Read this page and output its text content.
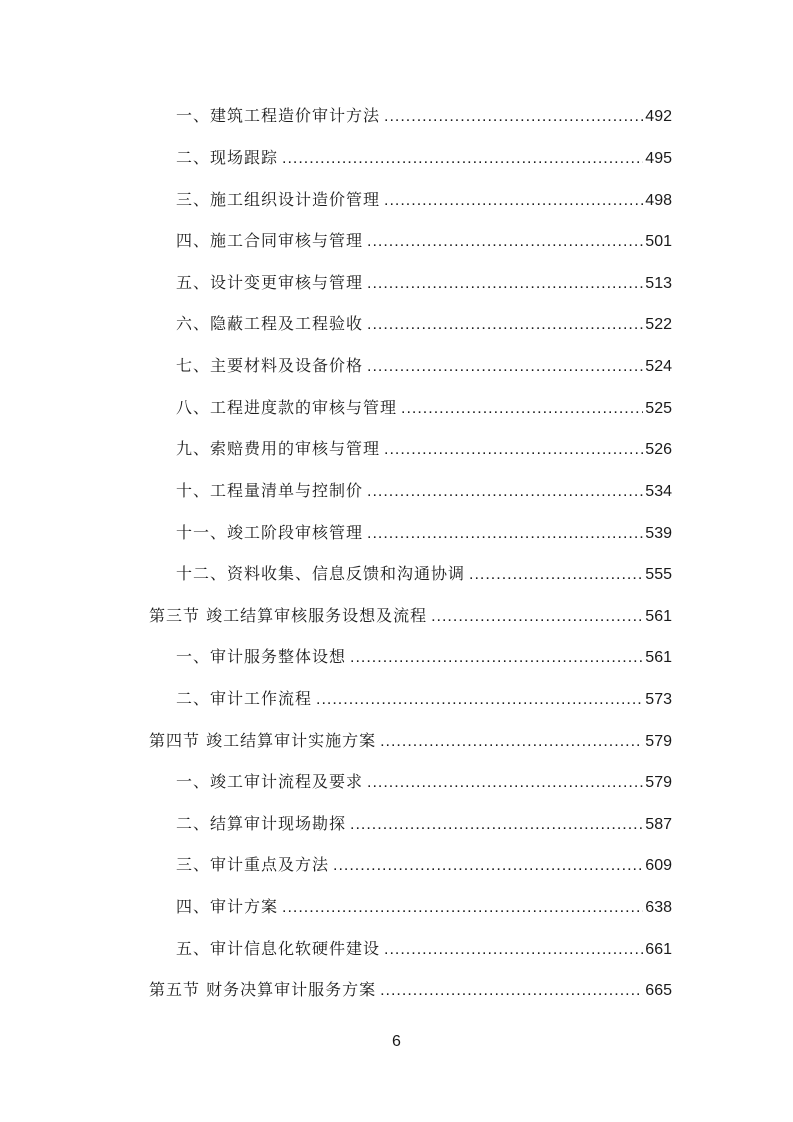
一、建筑工程造价审计方法 .....	492
二、现场跟踪 .....	495
三、施工组织设计造价管理 .....	498
四、施工合同审核与管理 .....	501
五、设计变更审核与管理 .....	513
六、隐蔽工程及工程验收 .....	522
七、主要材料及设备价格 .....	524
八、工程进度款的审核与管理 .....	525
九、索赔费用的审核与管理 .....	526
十、工程量清单与控制价 .....	534
十一、竣工阶段审核管理 .....	539
十二、资料收集、信息反馈和沟通协调 .....	555
第三节 竣工结算审核服务设想及流程 .....	561
一、审计服务整体设想 .....	561
二、审计工作流程 .....	573
第四节 竣工结算审计实施方案 .....	579
一、竣工审计流程及要求 .....	579
二、结算审计现场勘探 .....	587
三、审计重点及方法 .....	609
四、审计方案 .....	638
五、审计信息化软硬件建设 .....	661
第五节 财务决算审计服务方案 .....	665
6
